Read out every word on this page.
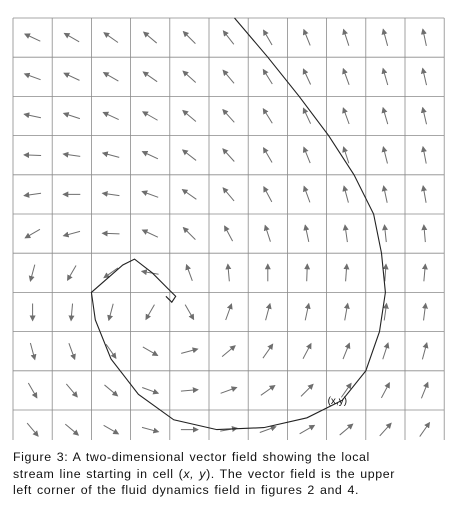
(x,y)
Figure 3: A two-dimensional vector field showing the local
stream line starting in cell (x, y). The vector field is the upper
left corner of the fluid dynamics field in figures 2 and 4.
